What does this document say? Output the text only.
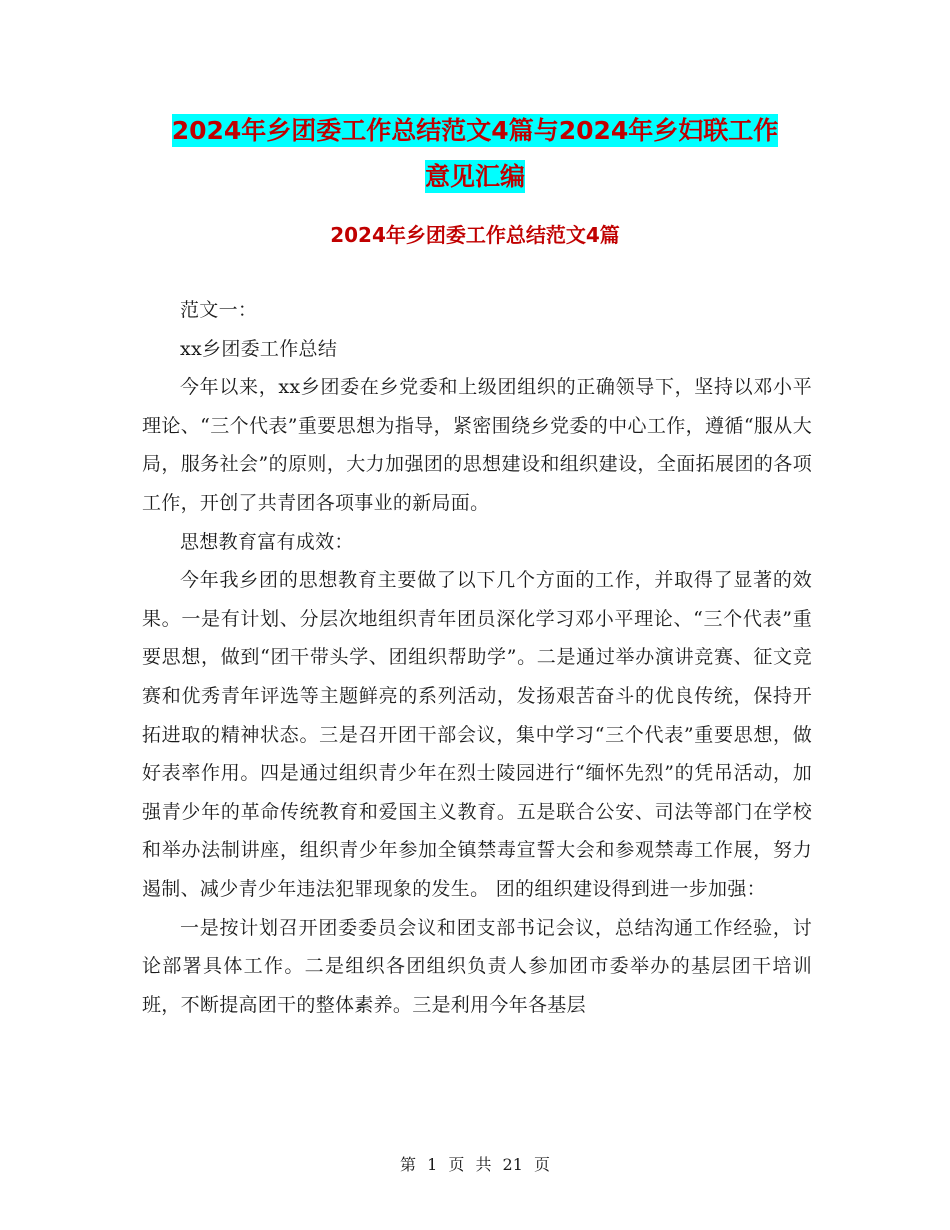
2024年乡团委工作总结范文4篇与2024年乡妇联工作
意见汇编
2024年乡团委工作总结范文4篇

范文一：

xx乡团委工作总结

今年以来，xx乡团委在乡党委和上级团组织的正确领导下，坚持以邓小平理论、“三个代表”重要思想为指导，紧密围绕乡党委的中心工作，遵循“服从大局，服务社会”的原则，大力加强团的思想建设和组织建设，全面拓展团的各项工作，开创了共青团各项事业的新局面。

思想教育富有成效：

今年我乡团的思想教育主要做了以下几个方面的工作，并取得了显著的效果。一是有计划、分层次地组织青年团员深化学习邓小平理论、“三个代表”重要思想，做到“团干带头学、团组织帮助学”。二是通过举办演讲竞赛、征文竞赛和优秀青年评选等主题鲜亮的系列活动，发扬艰苦奋斗的优良传统，保持开拓进取的精神状态。三是召开团干部会议，集中学习“三个代表”重要思想，做好表率作用。四是通过组织青少年在烈士陵园进行“缅怀先烈”的凭吊活动，加强青少年的革命传统教育和爱国主义教育。五是联合公安、司法等部门在学校和举办法制讲座，组织青少年参加全镇禁毒宣誓大会和参观禁毒工作展，努力遏制、减少青少年违法犯罪现象的发生。 团的组织建设得到进一步加强：

一是按计划召开团委委员会议和团支部书记会议，总结沟通工作经验，讨论部署具体工作。二是组织各团组织负责人参加团市委举办的基层团干培训班，不断提高团干的整体素养。三是利用今年各基层

第 1 页 共 21 页
